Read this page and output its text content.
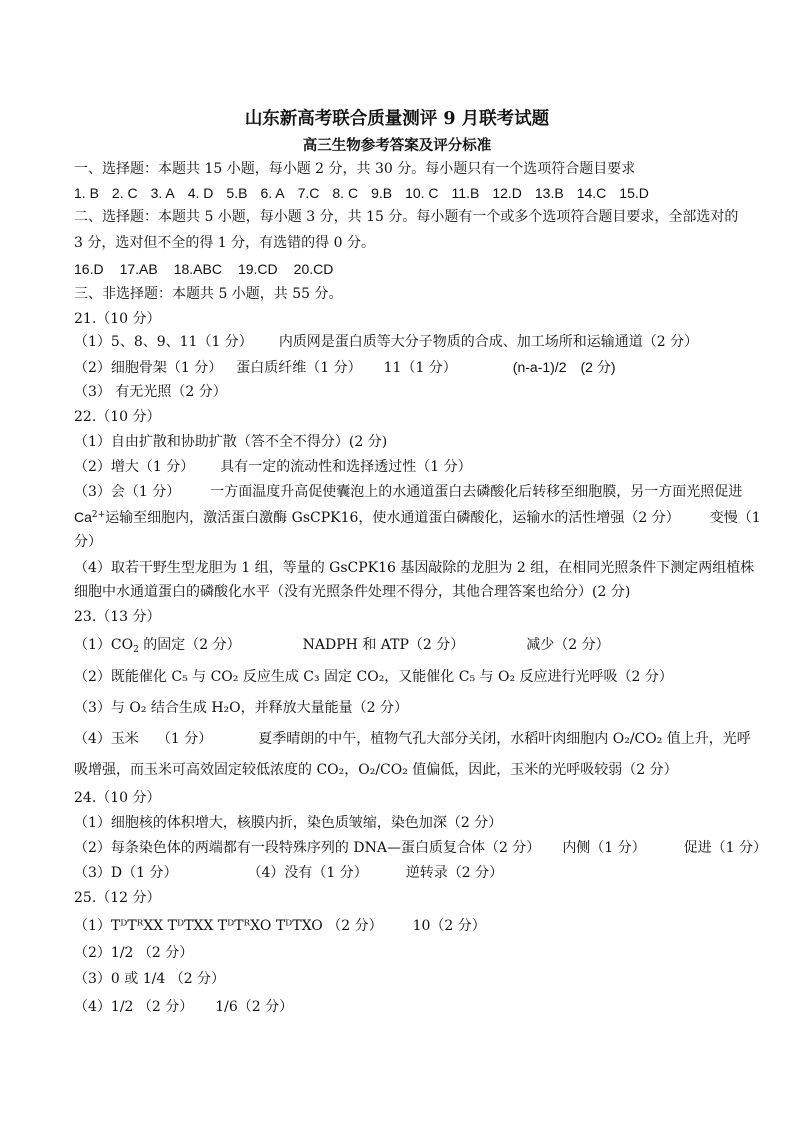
山东新高考联合质量测评 9 月联考试题
高三生物参考答案及评分标准
一、选择题：本题共 15 小题，每小题 2 分，共 30 分。每小题只有一个选项符合题目要求
1. B 2. C 3. A 4. D 5.B 6. A 7.C 8. C 9.B 10. C 11.B 12.D 13.B 14.C 15.D
二、选择题：本题共 5 小题，每小题 3 分，共 15 分。每小题有一个或多个选项符合题目要求，全部选对的
3 分，选对但不全的得 1 分，有选错的得 0 分。
16.D 17.AB 18.ABC 19.CD 20.CD
三、非选择题：本题共 5 小题，共 55 分。
21.（10 分）
（1）5、8、9、11（1 分） 内质网是蛋白质等大分子物质的合成、加工场所和运输通道（2 分）
（2）细胞骨架（1 分） 蛋白质纤维（1 分） 11（1 分）	(n-a-1)/2 (2 分)
（3） 有无光照（2 分）
22.（10 分）
（1）自由扩散和协助扩散（答不全不得分）(2 分)
（2）增大（1 分） 具有一定的流动性和选择透过性（1 分）
（3）会（1 分） 一方面温度升高促使囊泡上的水通道蛋白去磷酸化后转移至细胞膜，另一方面光照促进
$Ca^{2+}$运输至细胞内，激活蛋白激酶 GsCPK16，使水通道蛋白磷酸化，运输水的活性增强（2 分） 变慢（1
分）
（4）取若干野生型龙胆为 1 组，等量的 GsCPK16 基因敲除的龙胆为 2 组，在相同光照条件下测定两组植株
细胞中水通道蛋白的磷酸化水平（没有光照条件处理不得分，其他合理答案也给分）(2 分)
23.（13 分）
$(1)CO_2$ 的固定（2 分）	NADPH 和 ATP（2 分）	减少（2 分）
（2）既能催化 C₅ 与 CO₂ 反应生成 C₃ 固定 CO₂，又能催化 C₅ 与 O₂ 反应进行光呼吸（2 分）
（3）与 O₂ 结合生成 H₂O，并释放大量能量（2 分）
（4）玉米 （1 分）	夏季晴朗的中午，植物气孔大部分关闭，水稻叶肉细胞内 O₂/CO₂ 值上升，光呼
吸增强，而玉米可高效固定较低浓度的 CO₂，O₂/CO₂ 值偏低，因此，玉米的光呼吸较弱（2 分）
24.（10 分）
（1）细胞核的体积增大，核膜内折，染色质皱缩，染色加深（2 分）
（2）每条染色体的两端都有一段特殊序列的 DNA—蛋白质复合体（2 分） 内侧（1 分）	促进（1 分）
（3）D（1 分）	（4）没有（1 分）	逆转录（2 分）
25.（12 分）
（1）TᴰTᴿXX TᴰTXX TᴰTᴿXO TᴰTXO （2 分） 10（2 分）
（2）1/2 （2 分）
（3）0 或 1/4 （2 分）
（4）1/2 （2 分） 1/6（2 分）
